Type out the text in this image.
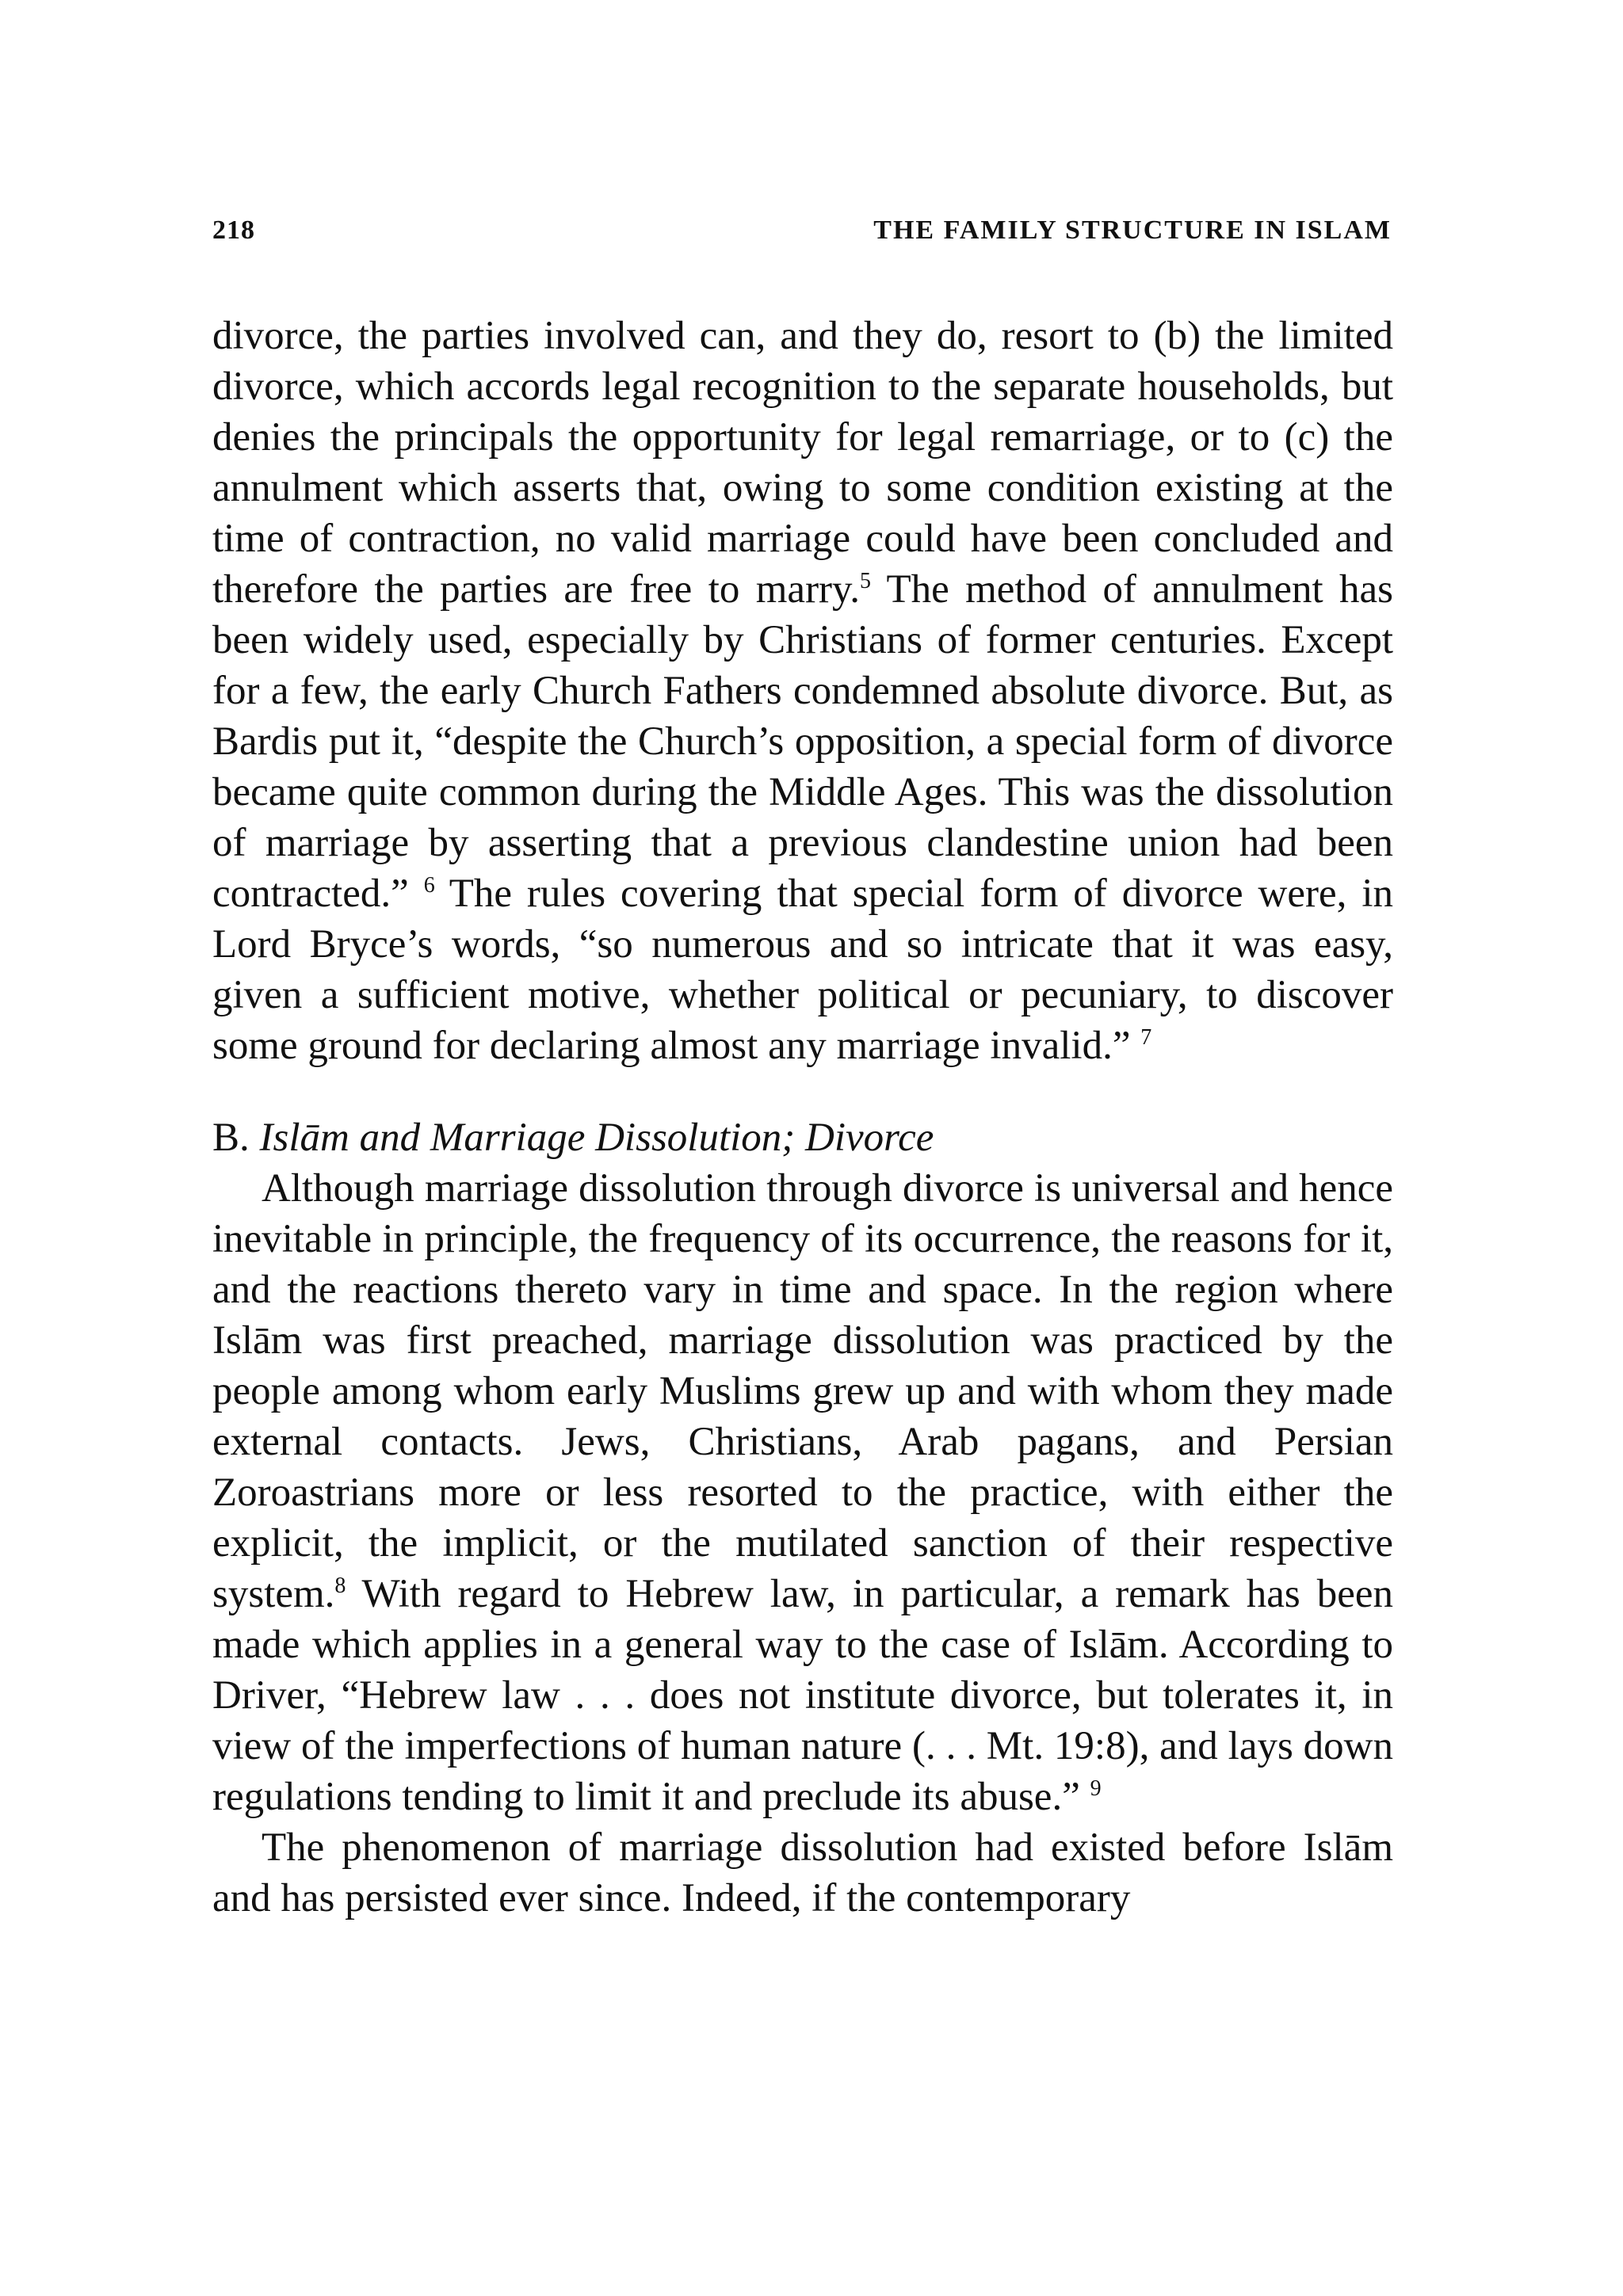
218	THE FAMILY STRUCTURE IN ISLAM

divorce, the parties involved can, and they do, resort to (b) the limited divorce, which accords legal recognition to the separate households, but denies the principals the opportunity for legal remarriage, or to (c) the annulment which asserts that, owing to some condition existing at the time of contraction, no valid marriage could have been concluded and therefore the parties are free to marry.$^5$ The method of annulment has been widely used, especially by Christians of former centuries. Except for a few, the early Church Fathers condemned absolute divorce. But, as Bardis put it, “despite the Church’s opposition, a special form of divorce became quite common during the Middle Ages. This was the dissolution of marriage by asserting that a previous clandestine union had been contracted.” $^6$ The rules covering that special form of divorce were, in Lord Bryce’s words, “so numerous and so intricate that it was easy, given a sufficient motive, whether political or pecuniary, to discover some ground for declaring almost any marriage invalid.” $^7$

B. Islām and Marriage Dissolution; Divorce

Although marriage dissolution through divorce is universal and hence inevitable in principle, the frequency of its occurrence, the reasons for it, and the reactions thereto vary in time and space. In the region where Islām was first preached, marriage dissolution was practiced by the people among whom early Muslims grew up and with whom they made external contacts. Jews, Christians, Arab pagans, and Persian Zoroastrians more or less resorted to the practice, with either the explicit, the implicit, or the mutilated sanction of their respective system.$^8$ With regard to Hebrew law, in particular, a remark has been made which applies in a general way to the case of Islām. According to Driver, “Hebrew law . . . does not institute divorce, but tolerates it, in view of the imperfections of human nature (. . . Mt. 19:8), and lays down regulations tending to limit it and preclude its abuse.” $^9$

The phenomenon of marriage dissolution had existed before Islām and has persisted ever since. Indeed, if the contemporary
